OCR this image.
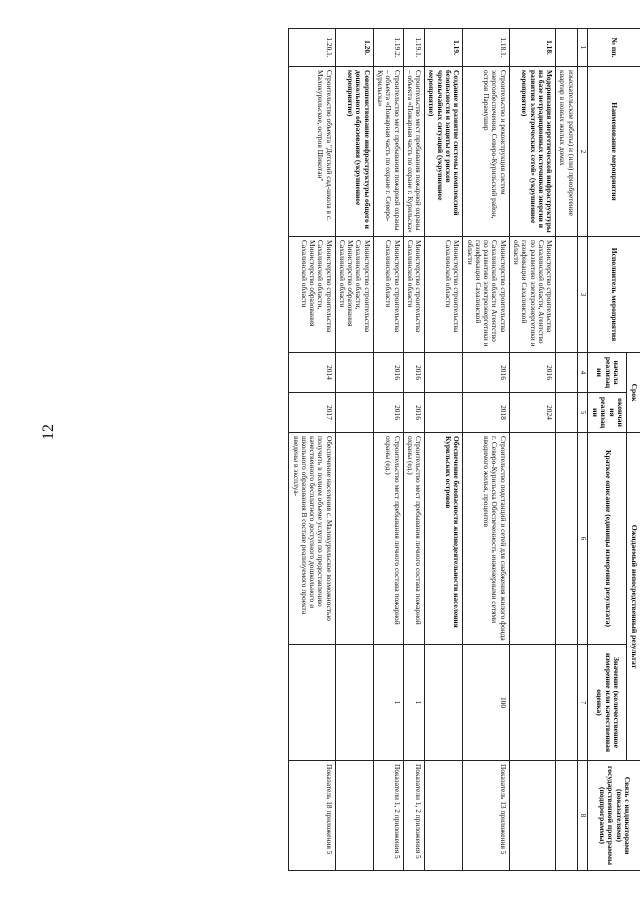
12
№ пп.	Наименование мероприятия	Исполнитель мероприятия	Срок		Ожидаемый непосредственный результат		Связь с индикаторами (показателями) государственной программы (подпрограммы)
			начала реализации	окончания реализации	Краткое описание (единицы измерения результата)	Значение (количественное измерение или качественная оценка)	
1	2	3	4	5	6	7	8
	изыскательские работы) и (или) приобретение квартир в новых жилых домах						
1.18.	Модернизация энергетической инфраструктуры на базе нетрадиционных источников энергии и развития электрических сетей» (укрупненное мероприятие)	Министерство строительства Сахалинской области, Агентство по развитию электроэнергетики и газификации Сахалинской области	2016	2024			
1.18.1.	Строительство и реконструкция систем энергообеспечения, Северо-Курильский район, остров Парамушир	Министерство строительства Сахалинской области Агентство по развитию электроэнергетики и газификации Сахалинской области	2016	2018	Строительство подстанций и сетей для снабжения жилого фонда г. Северо-Курильска Обеспеченность инженерными сетями вводимого жилья, процентов	100	Показатель 13 приложения 5
1.19.	Создание и развитие системы комплексной безопасности и защиты от рисков чрезвычайных ситуаций (укрупненное мероприятие)	Министерство строительства Сахалинской области			Обеспечение безопасности жизнедеятельности населения Курильских островов		
1.19.1.	Строительство мест пребывания пожарной охраны – объекта «Пожарная часть по охране г. Курильска»	Министерство строительства Сахалинской области	2016	2016	Строительство мест пребывания личного состава пожарной охраны (ед.)	1	Показатели 1, 2 приложения 5
1.19.2.	Строительство мест пребывания пожарной охраны – объекта «Пожарная часть по охране г. Северо-Курильска»	Министерство строительства Сахалинской области	2016	2016	Строительство мест пребывания личного состава пожарной охраны (ед.)	1	Показатели 1, 2 приложения 5
1.20.	Совершенствование инфраструктуры общего и дошкольного образования (укрупненное мероприятие)	Министерство строительства Сахалинской области, Министерство образования Сахалинской области					
1.20.1.	Строительство объекта "Детский сад-школа в с. Малокурильское, остров Шикотан"	Министерство строительства Сахалинской области, Министерство образования Сахалинской области	2014	2017	Обеспечение населения с. Малокурильское возможностью получить в полном объеме услуги по предоставлению качественного бесплатного доступного дошкольного и школьного образования В составе реализуемого проекта введены в эксплуа-		Показатель 18 приложения 5
